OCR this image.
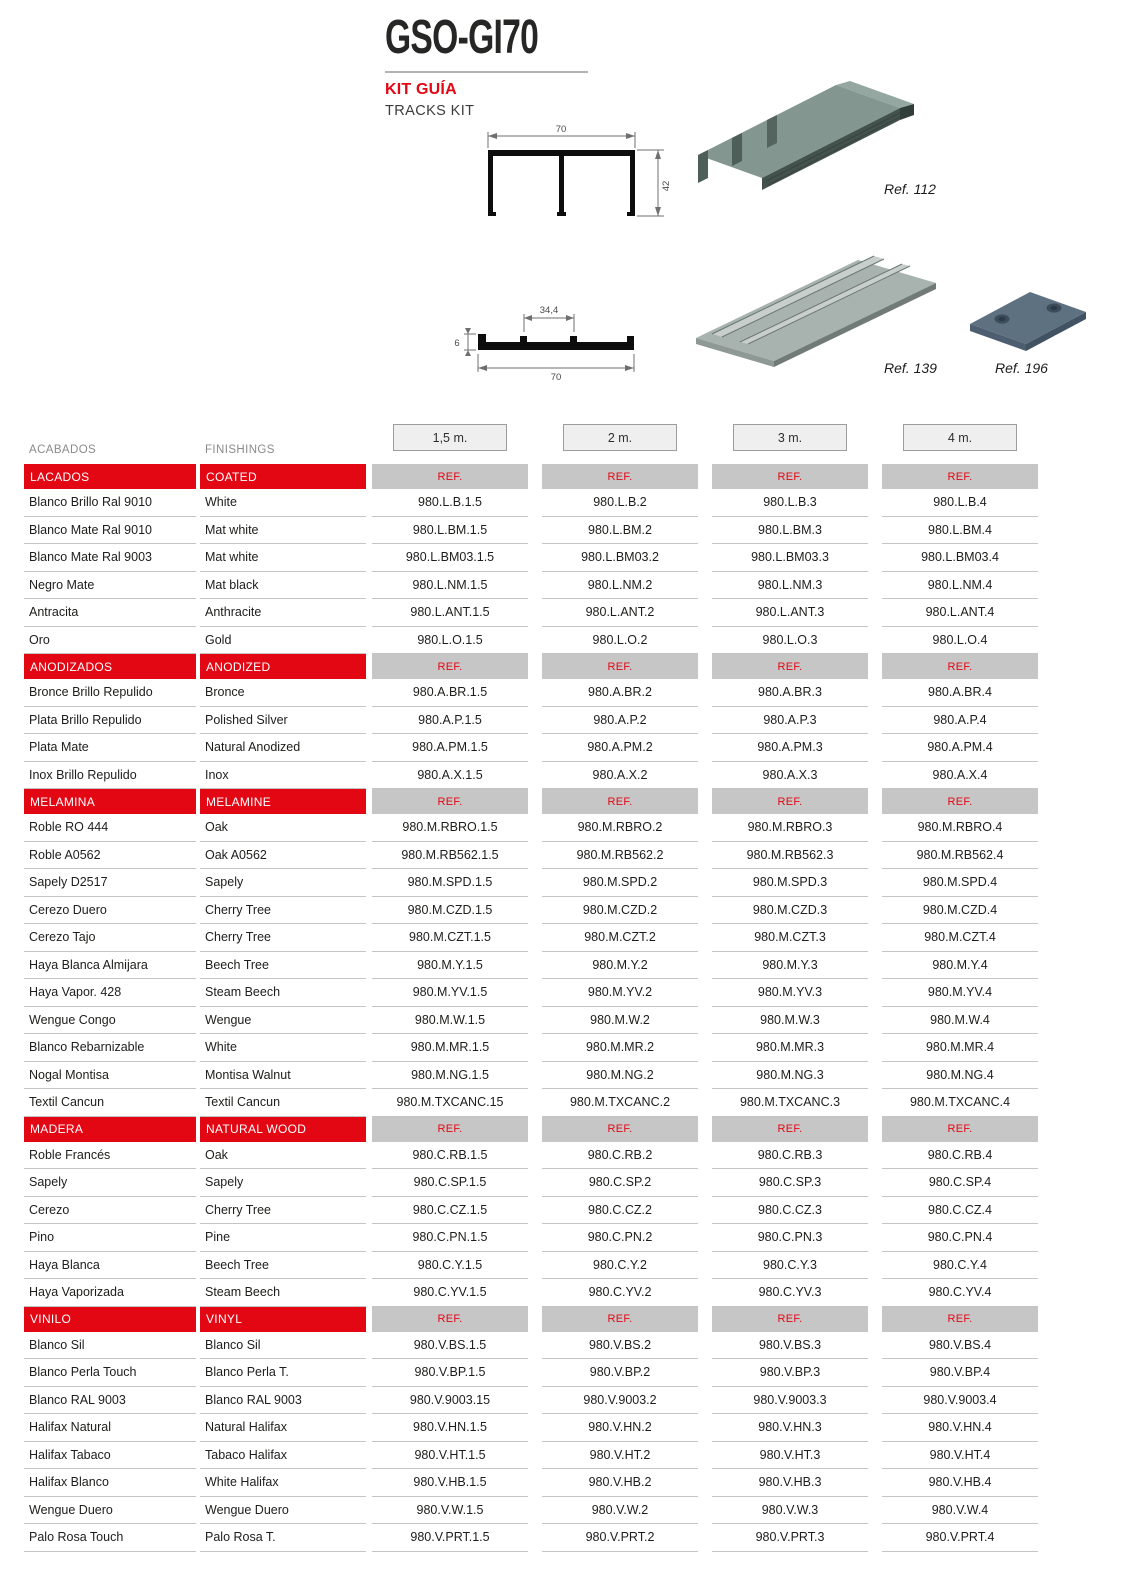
GSO-GI70
KIT GUÍA
TRACKS KIT
70
42	Ref. 112
34,4
70
6
Ref. 139	Ref. 196
ACABADOS	FINISHINGS
1,5 m.	2 m.	3 m.	4 m.
LACADOS	COATED	REF.	REF.	REF.	REF.
Blanco Brillo Ral 9010	White	980.L.B.1.5	980.L.B.2	980.L.B.3	980.L.B.4
Blanco Mate Ral 9010	Mat white	980.L.BM.1.5	980.L.BM.2	980.L.BM.3	980.L.BM.4
Blanco Mate Ral 9003	Mat white	980.L.BM03.1.5	980.L.BM03.2	980.L.BM03.3	980.L.BM03.4
Negro Mate	Mat black	980.L.NM.1.5	980.L.NM.2	980.L.NM.3	980.L.NM.4
Antracita	Anthracite	980.L.ANT.1.5	980.L.ANT.2	980.L.ANT.3	980.L.ANT.4
Oro	Gold	980.L.O.1.5	980.L.O.2	980.L.O.3	980.L.O.4
ANODIZADOS	ANODIZED	REF.	REF.	REF.	REF.
Bronce Brillo Repulido	Bronce	980.A.BR.1.5	980.A.BR.2	980.A.BR.3	980.A.BR.4
Plata Brillo Repulido	Polished Silver	980.A.P.1.5	980.A.P.2	980.A.P.3	980.A.P.4
Plata Mate	Natural Anodized	980.A.PM.1.5	980.A.PM.2	980.A.PM.3	980.A.PM.4
Inox Brillo Repulido	Inox	980.A.X.1.5	980.A.X.2	980.A.X.3	980.A.X.4
MELAMINA	MELAMINE	REF.	REF.	REF.	REF.
Roble RO 444	Oak	980.M.RBRO.1.5	980.M.RBRO.2	980.M.RBRO.3	980.M.RBRO.4
Roble A0562	Oak A0562	980.M.RB562.1.5	980.M.RB562.2	980.M.RB562.3	980.M.RB562.4
Sapely D2517	Sapely	980.M.SPD.1.5	980.M.SPD.2	980.M.SPD.3	980.M.SPD.4
Cerezo Duero	Cherry Tree	980.M.CZD.1.5	980.M.CZD.2	980.M.CZD.3	980.M.CZD.4
Cerezo Tajo	Cherry Tree	980.M.CZT.1.5	980.M.CZT.2	980.M.CZT.3	980.M.CZT.4
Haya Blanca Almijara	Beech Tree	980.M.Y.1.5	980.M.Y.2	980.M.Y.3	980.M.Y.4
Haya Vapor. 428	Steam Beech	980.M.YV.1.5	980.M.YV.2	980.M.YV.3	980.M.YV.4
Wengue Congo	Wengue	980.M.W.1.5	980.M.W.2	980.M.W.3	980.M.W.4
Blanco Rebarnizable	White	980.M.MR.1.5	980.M.MR.2	980.M.MR.3	980.M.MR.4
Nogal Montisa	Montisa Walnut	980.M.NG.1.5	980.M.NG.2	980.M.NG.3	980.M.NG.4
Textil Cancun	Textil Cancun	980.M.TXCANC.15	980.M.TXCANC.2	980.M.TXCANC.3	980.M.TXCANC.4
MADERA	NATURAL WOOD	REF.	REF.	REF.	REF.
Roble Francés	Oak	980.C.RB.1.5	980.C.RB.2	980.C.RB.3	980.C.RB.4
Sapely	Sapely	980.C.SP.1.5	980.C.SP.2	980.C.SP.3	980.C.SP.4
Cerezo	Cherry Tree	980.C.CZ.1.5	980.C.CZ.2	980.C.CZ.3	980.C.CZ.4
Pino	Pine	980.C.PN.1.5	980.C.PN.2	980.C.PN.3	980.C.PN.4
Haya Blanca	Beech Tree	980.C.Y.1.5	980.C.Y.2	980.C.Y.3	980.C.Y.4
Haya Vaporizada	Steam Beech	980.C.YV.1.5	980.C.YV.2	980.C.YV.3	980.C.YV.4
VINILO	VINYL	REF.	REF.	REF.	REF.
Blanco Sil	Blanco Sil	980.V.BS.1.5	980.V.BS.2	980.V.BS.3	980.V.BS.4
Blanco Perla Touch	Blanco Perla T.	980.V.BP.1.5	980.V.BP.2	980.V.BP.3	980.V.BP.4
Blanco RAL 9003	Blanco RAL 9003	980.V.9003.15	980.V.9003.2	980.V.9003.3	980.V.9003.4
Halifax Natural	Natural Halifax	980.V.HN.1.5	980.V.HN.2	980.V.HN.3	980.V.HN.4
Halifax Tabaco	Tabaco Halifax	980.V.HT.1.5	980.V.HT.2	980.V.HT.3	980.V.HT.4
Halifax Blanco	White Halifax	980.V.HB.1.5	980.V.HB.2	980.V.HB.3	980.V.HB.4
Wengue Duero	Wengue Duero	980.V.W.1.5	980.V.W.2	980.V.W.3	980.V.W.4
Palo Rosa Touch	Palo Rosa T.	980.V.PRT.1.5	980.V.PRT.2	980.V.PRT.3	980.V.PRT.4
